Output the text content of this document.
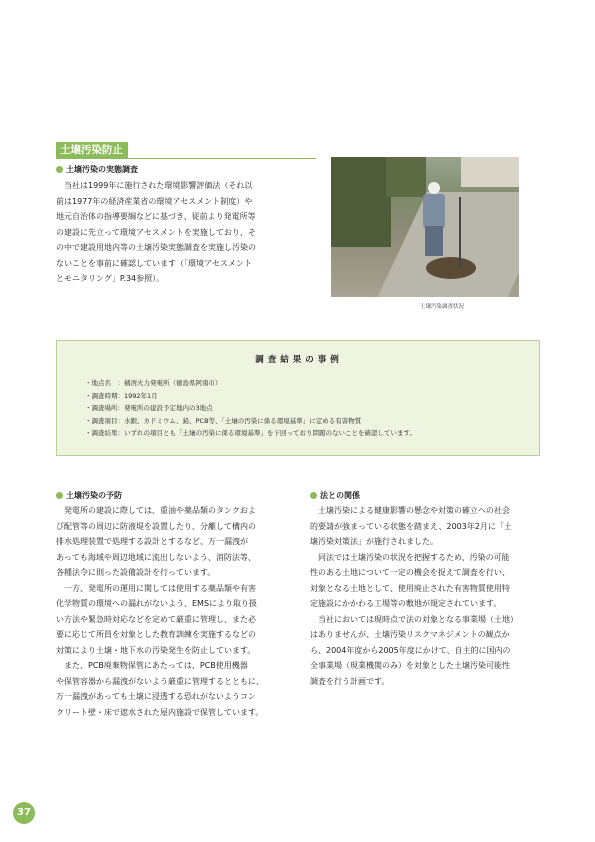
土壌汚染防止
土壌汚染の実態調査
当社は1999年に施行された環境影響評価法（それ以
前は1977年の経済産業省の環境アセスメント制度）や
地元自治体の指導要綱などに基づき、従前より発電所等
の建設に先立って環境アセスメントを実施しており、そ
の中で建設用地内等の土壌汚染実態調査を実施し汚染の
ないことを事前に確認しています（「環境アセスメント
とモニタリング」P.34参照）。
土壌汚染調査状況
調査結果の事例
・地点名　：橘湾火力発電所（徳島県阿南市）
・調査時期：1992年1月
・調査場所：発電所の建設予定地内の3地点
・調査項目：水銀、カドミウム、鉛、PCB等、「土壌の汚染に係る環境基準」に定める有害物質
・調査結果：いずれの項目とも「土壌の汚染に係る環境基準」を下回っており問題のないことを確認しています。
土壌汚染の予防
発電所の建設に際しては、重油や薬品類のタンクおよ
び配管等の周辺に防液堤を設置したり、分離して構内の
排水処理装置で処理する設計とするなど、万一漏洩が
あっても海域や周辺地域に流出しないよう、消防法等、
各種法令に則った設備設計を行っています。
一方、発電所の運用に関しては使用する薬品類や有害
化学物質の環境への漏れがないよう、EMSにより取り扱
い方法や緊急時対応などを定めて厳重に管理し、また必
要に応じて所員を対象とした教育訓練を実施するなどの
対策により土壌・地下水の汚染発生を防止しています。
また、PCB廃棄物保管にあたっては、PCB使用機器
や保管容器から漏洩がないよう厳重に管理するとともに、
万一漏洩があっても土壌に浸透する恐れがないようコン
クリート壁・床で遮水された屋内施設で保管しています。
法との関係
土壌汚染による健康影響の懸念や対策の確立への社会
的要請が強まっている状態を踏まえ、2003年2月に「土
壌汚染対策法」が施行されました。
同法では土壌汚染の状況を把握するため、汚染の可能
性のある土地について一定の機会を捉えて調査を行い、
対象となる土地として、使用廃止された有害物質使用特
定施設にかかわる工場等の敷地が規定されています。
当社においては現時点で法の対象となる事業場（土地）
はありませんが、土壌汚染リスクマネジメントの観点か
ら、2004年度から2005年度にかけて、自主的に国内の
全事業場（現業機関のみ）を対象とした土壌汚染可能性
調査を行う計画です。
37
